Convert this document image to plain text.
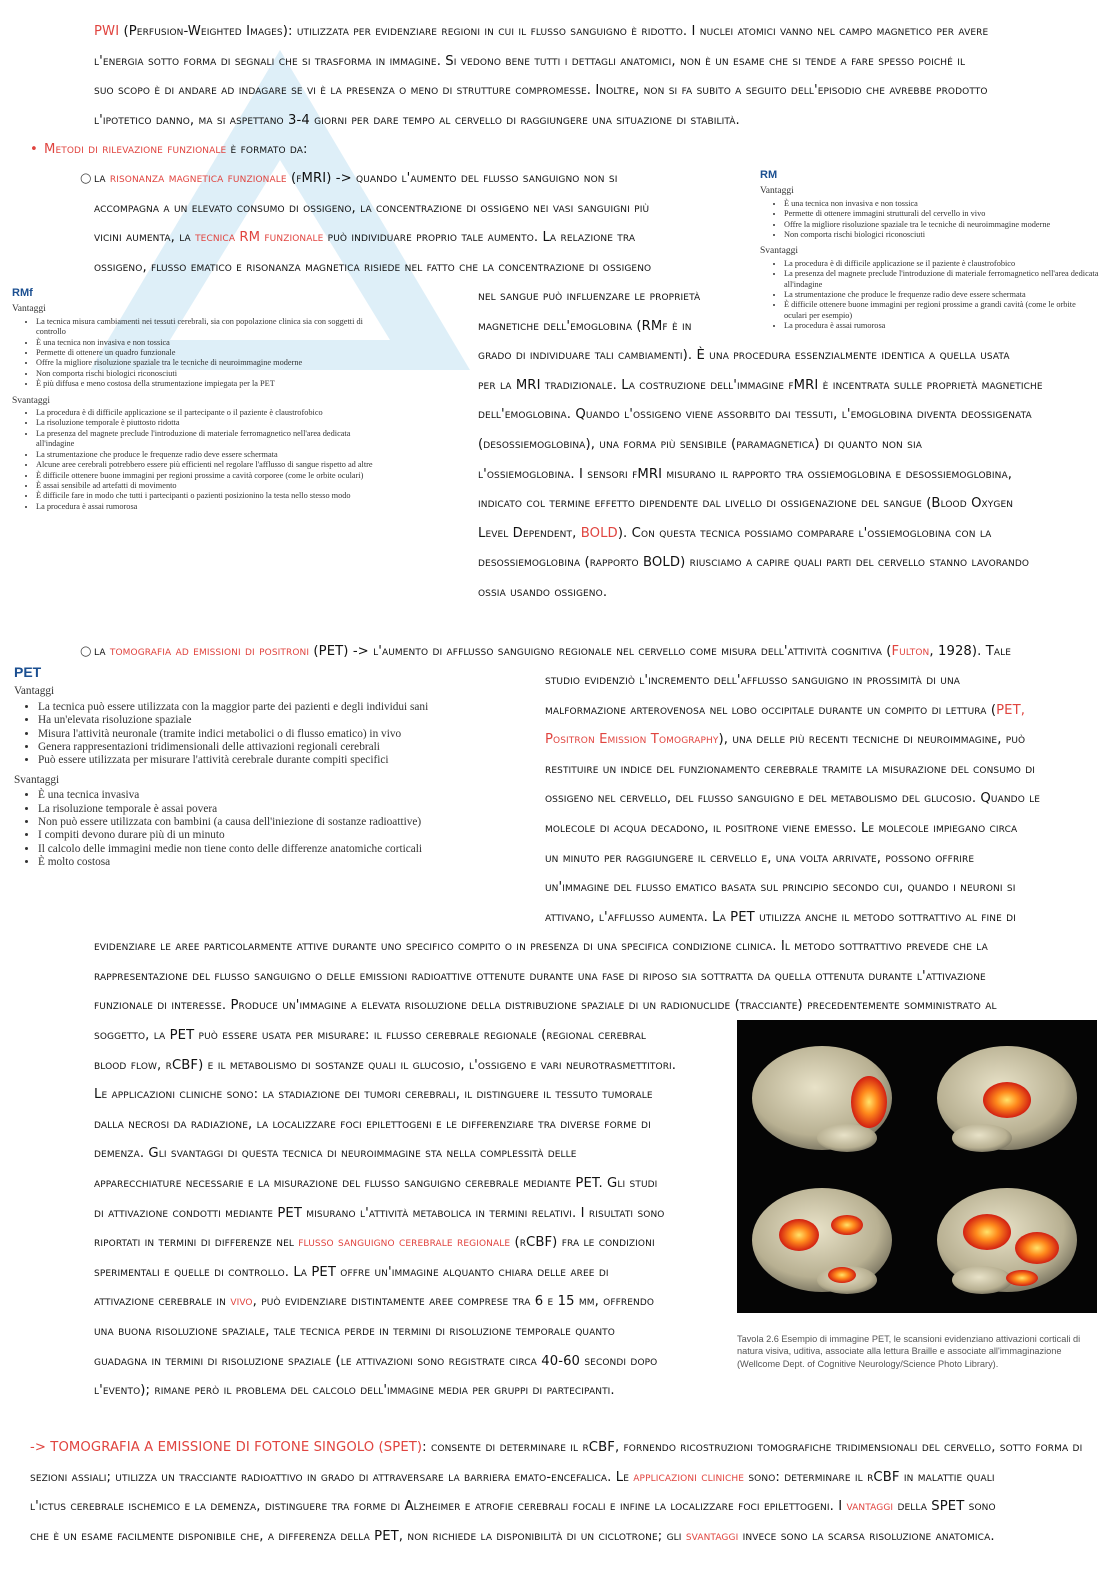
PWI (Perfusion-Weighted Images): utilizzata per evidenziare regioni in cui il flusso sanguigno è ridotto. I nuclei atomici vanno nel campo magnetico per avere
l'energia sotto forma di segnali che si trasforma in immagine. Si vedono bene tutti i dettagli anatomici, non è un esame che si tende a fare spesso poiché il
suo scopo è di andare ad indagare se vi è la presenza o meno di strutture compromesse. Inoltre, non si fa subito a seguito dell'episodio che avrebbe prodotto
l'ipotetico danno, ma si aspettano 3-4 giorni per dare tempo al cervello di raggiungere una situazione di stabilità.
• Metodi di rilevazione funzionale è formato da:
○ la risonanza magnetica funzionale (fMRI) -> quando l'aumento del flusso sanguigno non si
accompagna a un elevato consumo di ossigeno, la concentrazione di ossigeno nei vasi sanguigni più
vicini aumenta, la tecnica RM funzionale può individuare proprio tale aumento. La relazione tra
ossigeno, flusso ematico e risonanza magnetica risiede nel fatto che la concentrazione di ossigeno
nel sangue può influenzare le proprietà
magnetiche dell'emoglobina (RMf è in
grado di individuare tali cambiamenti). È una procedura essenzialmente identica a quella usata
per la MRI tradizionale. La costruzione dell'immagine fMRI è incentrata sulle proprietà magnetiche
dell'emoglobina. Quando l'ossigeno viene assorbito dai tessuti, l'emoglobina diventa deossigenata
(desossiemoglobina), una forma più sensibile (paramagnetica) di quanto non sia
l'ossiemoglobina. I sensori fMRI misurano il rapporto tra ossiemoglobina e desossiemoglobina,
indicato col termine effetto dipendente dal livello di ossigenazione del sangue (Blood Oxygen
Level Dependent, BOLD). Con questa tecnica possiamo comparare l'ossiemoglobina con la
desossiemoglobina (rapporto BOLD) riusciamo a capire quali parti del cervello stanno lavorando
ossia usando ossigeno.
RM
Vantaggi
• È una tecnica non invasiva e non tossica
• Permette di ottenere immagini strutturali del cervello in vivo
• Offre la migliore risoluzione spaziale tra le tecniche di neuroimmagine moderne
• Non comporta rischi biologici riconosciuti
Svantaggi
• La procedura è di difficile applicazione se il paziente è claustrofobico
• La presenza del magnete preclude l'introduzione di materiale ferromagnetico nell'area dedicata all'indagine
• La strumentazione che produce le frequenze radio deve essere schermata
• È difficile ottenere buone immagini per regioni prossime a grandi cavità (come le orbite oculari per esempio)
• La procedura è assai rumorosa
RMf
Vantaggi
• La tecnica misura cambiamenti nei tessuti cerebrali, sia con popolazione clinica sia con soggetti di controllo
• È una tecnica non invasiva e non tossica
• Permette di ottenere un quadro funzionale
• Offre la migliore risoluzione spaziale tra le tecniche di neuroimmagine moderne
• Non comporta rischi biologici riconosciuti
• È più diffusa e meno costosa della strumentazione impiegata per la PET
Svantaggi
• La procedura è di difficile applicazione se il partecipante o il paziente è claustrofobico
• La risoluzione temporale è piuttosto ridotta
• La presenza del magnete preclude l'introduzione di materiale ferromagnetico nell'area dedicata all'indagine
• La strumentazione che produce le frequenze radio deve essere schermata
• Alcune aree cerebrali potrebbero essere più efficienti nel regolare l'afflusso di sangue rispetto ad altre
• È difficile ottenere buone immagini per regioni prossime a cavità corporee (come le orbite oculari)
• È assai sensibile ad artefatti di movimento
• È difficile fare in modo che tutti i partecipanti o pazienti posizionino la testa nello stesso modo
• La procedura è assai rumorosa
○ la tomografia ad emissioni di positroni (PET) -> l'aumento di afflusso sanguigno regionale nel cervello come misura dell'attività cognitiva (Fulton, 1928). Tale
studio evidenziò l'incremento dell'afflusso sanguigno in prossimità di una
malformazione arterovenosa nel lobo occipitale durante un compito di lettura (PET,
Positron Emission Tomography), una delle più recenti tecniche di neuroimmagine, può
restituire un indice del funzionamento cerebrale tramite la misurazione del consumo di
ossigeno nel cervello, del flusso sanguigno e del metabolismo del glucosio. Quando le
molecole di acqua decadono, il positrone viene emesso. Le molecole impiegano circa
un minuto per raggiungere il cervello e, una volta arrivate, possono offrire
un'immagine del flusso ematico basata sul principio secondo cui, quando i neuroni si
attivano, l'afflusso aumenta. La PET utilizza anche il metodo sottrattivo al fine di
PET
Vantaggi
• La tecnica può essere utilizzata con la maggior parte dei pazienti e degli individui sani
• Ha un'elevata risoluzione spaziale
• Misura l'attività neuronale (tramite indici metabolici o di flusso ematico) in vivo
• Genera rappresentazioni tridimensionali delle attivazioni regionali cerebrali
• Può essere utilizzata per misurare l'attività cerebrale durante compiti specifici
Svantaggi
• È una tecnica invasiva
• La risoluzione temporale è assai povera
• Non può essere utilizzata con bambini (a causa dell'iniezione di sostanze radioattive)
• I compiti devono durare più di un minuto
• Il calcolo delle immagini medie non tiene conto delle differenze anatomiche corticali
• È molto costosa
evidenziare le aree particolarmente attive durante uno specifico compito o in presenza di una specifica condizione clinica. Il metodo sottrattivo prevede che la
rappresentazione del flusso sanguigno o delle emissioni radioattive ottenute durante una fase di riposo sia sottratta da quella ottenuta durante l'attivazione
funzionale di interesse. Produce un'immagine a elevata risoluzione della distribuzione spaziale di un radionuclide (tracciante) precedentemente somministrato al
soggetto, la PET può essere usata per misurare: il flusso cerebrale regionale (regional cerebral
blood flow, rCBF) e il metabolismo di sostanze quali il glucosio, l'ossigeno e vari neurotrasmettitori.
Le applicazioni cliniche sono: la stadiazione dei tumori cerebrali, il distinguere il tessuto tumorale
dalla necrosi da radiazione, la localizzare foci epilettogeni e le differenziare tra diverse forme di
demenza. Gli svantaggi di questa tecnica di neuroimmagine sta nella complessità delle
apparecchiature necessarie e la misurazione del flusso sanguigno cerebrale mediante PET. Gli studi
di attivazione condotti mediante PET misurano l'attività metabolica in termini relativi. I risultati sono
riportati in termini di differenze nel flusso sanguigno cerebrale regionale (rCBF) fra le condizioni
sperimentali e quelle di controllo. La PET offre un'immagine alquanto chiara delle aree di
attivazione cerebrale in vivo, può evidenziare distintamente aree comprese tra 6 e 15 mm, offrendo
una buona risoluzione spaziale, tale tecnica perde in termini di risoluzione temporale quanto
guadagna in termini di risoluzione spaziale (le attivazioni sono registrate circa 40-60 secondi dopo
l'evento); rimane però il problema del calcolo dell'immagine media per gruppi di partecipanti.
Tavola 2.6 Esempio di immagine PET, le scansioni evidenziano attivazioni corticali di natura visiva, uditiva, associate alla lettura Braille e associate all'immaginazione (Wellcome Dept. of Cognitive Neurology/Science Photo Library).
-> TOMOGRAFIA A EMISSIONE DI FOTONE SINGOLO (SPET): consente di determinare il rCBF, fornendo ricostruzioni tomografiche tridimensionali del cervello, sotto forma di
sezioni assiali; utilizza un tracciante radioattivo in grado di attraversare la barriera emato-encefalica. Le applicazioni cliniche sono: determinare il rCBF in malattie quali
l'ictus cerebrale ischemico e la demenza, distinguere tra forme di Alzheimer e atrofie cerebrali focali e infine la localizzare foci epilettogeni. I vantaggi della SPET sono
che è un esame facilmente disponibile che, a differenza della PET, non richiede la disponibilità di un ciclotrone; gli svantaggi invece sono la scarsa risoluzione anatomica.
